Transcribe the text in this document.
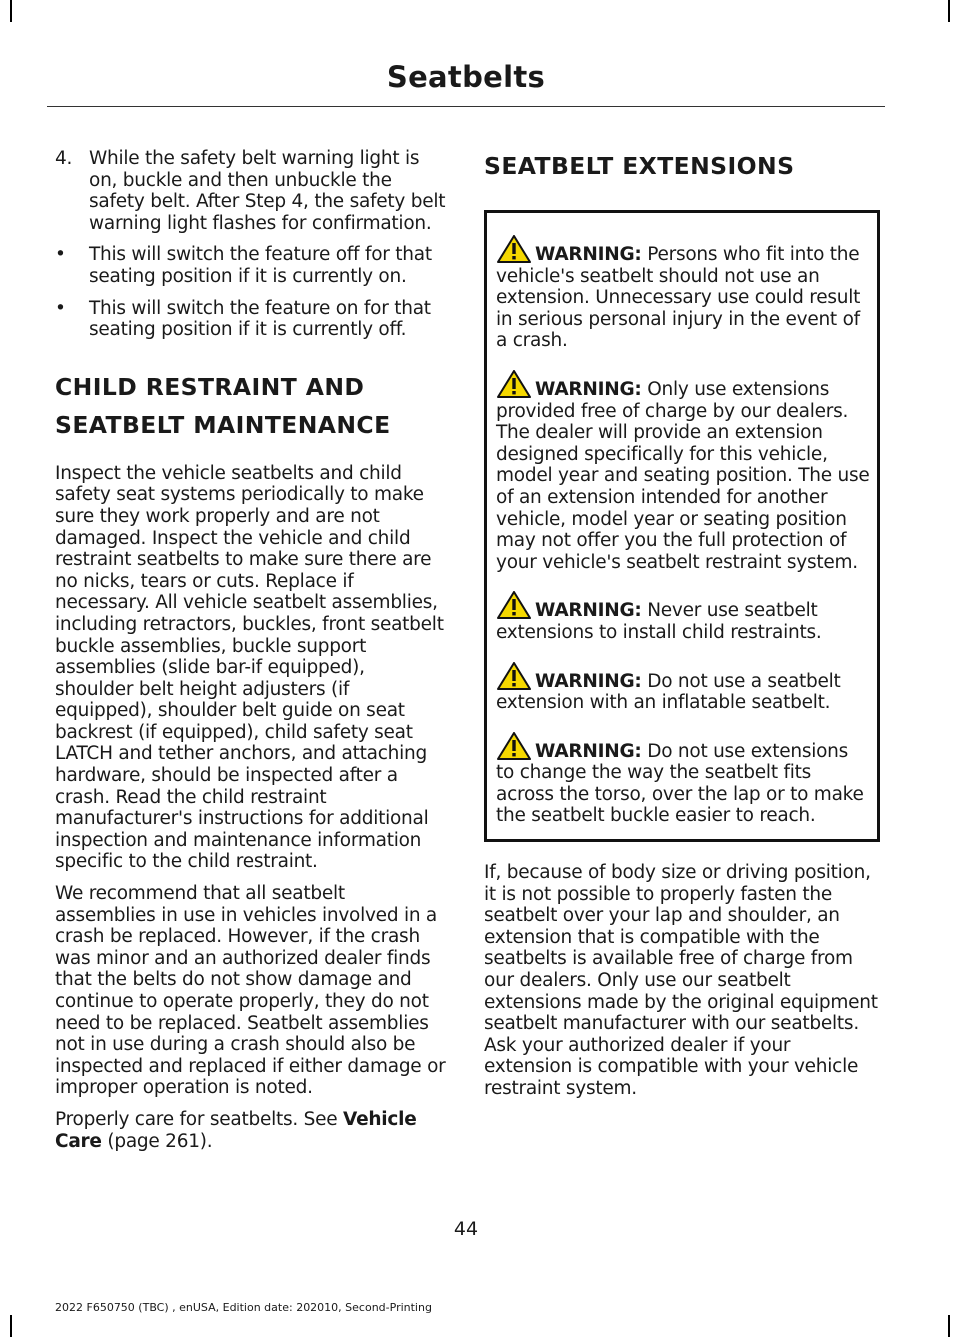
Seatbelts
4. While the safety belt warning light is on, buckle and then unbuckle the safety belt. After Step 4, the safety belt warning light flashes for confirmation.
•	This will switch the feature off for that seating position if it is currently on.
•	This will switch the feature on for that seating position if it is currently off.
CHILD RESTRAINT AND
SEATBELT MAINTENANCE

Inspect the vehicle seatbelts and child safety seat systems periodically to make sure they work properly and are not damaged. Inspect the vehicle and child restraint seatbelts to make sure there are no nicks, tears or cuts. Replace if necessary. All vehicle seatbelt assemblies, including retractors, buckles, front seatbelt buckle assemblies, buckle support assemblies (slide bar-if equipped), shoulder belt height adjusters (if equipped), shoulder belt guide on seat backrest (if equipped), child safety seat LATCH and tether anchors, and attaching hardware, should be inspected after a crash. Read the child restraint manufacturer's instructions for additional inspection and maintenance information specific to the child restraint.

We recommend that all seatbelt assemblies in use in vehicles involved in a crash be replaced. However, if the crash was minor and an authorized dealer finds that the belts do not show damage and continue to operate properly, they do not need to be replaced. Seatbelt assemblies not in use during a crash should also be inspected and replaced if either damage or improper operation is noted.

Properly care for seatbelts. See Vehicle Care (page 261).

SEATBELT EXTENSIONS
WARNING: Persons who fit into the vehicle's seatbelt should not use an extension. Unnecessary use could result in serious personal injury in the event of a crash.
WARNING: Only use extensions provided free of charge by our dealers. The dealer will provide an extension designed specifically for this vehicle, model year and seating position. The use of an extension intended for another vehicle, model year or seating position may not offer you the full protection of your vehicle's seatbelt restraint system.
WARNING: Never use seatbelt extensions to install child restraints.
WARNING: Do not use a seatbelt extension with an inflatable seatbelt.
WARNING: Do not use extensions to change the way the seatbelt fits across the torso, over the lap or to make the seatbelt buckle easier to reach.

If, because of body size or driving position, it is not possible to properly fasten the seatbelt over your lap and shoulder, an extension that is compatible with the seatbelts is available free of charge from our dealers. Only use our seatbelt extensions made by the original equipment seatbelt manufacturer with our seatbelts. Ask your authorized dealer if your extension is compatible with your vehicle restraint system.

44
2022 F650750 (TBC) , enUSA, Edition date: 202010, Second-Printing
